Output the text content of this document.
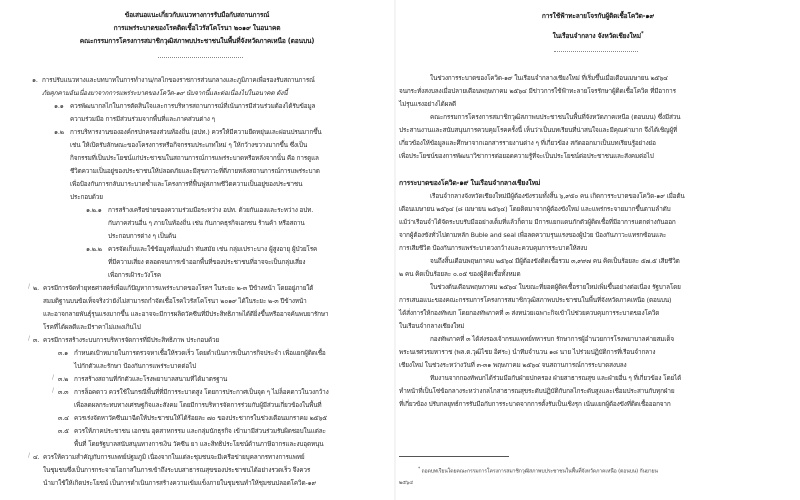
ข้อเสนอแนะเกี่ยวกับแนวทางการรับมือกับสถานการณ์
การแพร่ระบาดของโรคติดเชื้อไวรัสโคโรนา ๒๐๑๙ ในอนาคต
คณะกรรมการโครงการสมาชิกวุฒิสภาพบประชาชนในพื้นที่จังหวัดภาคเหนือ (ตอนบน)
๑. การปรับแนวทางและบทบาทในการทำงาน/กลไกของราชการส่วนกลางและภูมิภาคเพื่อรองรับสถานการณ์
ภัยคุกคามอันเนื่องมาจากการแพร่ระบาดของโควิด-๑๙ นับจากนี้และต่อเนื่องไปในอนาคต ดังนี้
๑.๑ ควรพัฒนากลไกในการตัดสินใจและการบริหารสถานการณ์ที่เน้นการมีส่วนร่วมต้องได้รับข้อมูล
ความร่วมมือ การมีส่วนร่วมจากพื้นที่และภาคส่วนต่าง ๆ
๑.๒ การบริหารงานขององค์กรปกครองส่วนท้องถิ่น (อปท.) ควรให้มีความยืดหยุ่นและผ่อนปรนมากขึ้น
เช่น ให้เปิดรับลักษณะของโครงการหรือกิจกรรมประเภทใหม่ ๆ ให้กว้างขวางมากขึ้น ซึ่งเป็น
กิจกรรมที่เป็นประโยชน์แก่ประชาชนในสถานการณ์การแพร่ระบาดหรือหลังจากนั้น คือ การดูแล
ชีวิตความเป็นอยู่ของประชาชนให้ปลอดภัยและมีสุขภาวะที่ดีภายหลังสถานการณ์การแพร่ระบาด
เพื่อป้องกันการกลับมาระบาดซ้ำและโครงการที่ฟื้นฟูสภาพชีวิตความเป็นอยู่ของประชาชน
ประกอบด้วย
๑.๒.๑ การสร้างเครือข่ายของความร่วมมือระหว่าง อปท. ด้วยกันเองและระหว่าง อปท.
กับภาคส่วนอื่น ๆ ภายในท้องถิ่น เช่น กับภาคธุรกิจเอกชน ร้านค้า หรือสถาน
ประกอบการต่าง ๆ เป็นต้น
๑.๒.๒ ควรจัดเก็บและใช้ข้อมูลที่แม่นยำ ทันสมัย เช่น กลุ่มเปราะบาง ผู้สูงอายุ ผู้ป่วยโรค
ที่มีความเสี่ยง ตลอดจนการเข้าออกพื้นที่ของประชาชนที่อาจจะเป็นกลุ่มเสี่ยง
เพื่อการเฝ้าระวังโรค
/ ๒. ควรมีการจัดทำยุทธศาสตร์เพื่อแก้ปัญหาการแพร่ระบาดของโรคฯ ในระยะ ๒-๓ ปีข้างหน้า โดยอยู่ภายใต้
สมมติฐานบนข้อเท็จจริงว่ายังไม่สามารถกำจัดเชื้อโรคไวรัสโคโรนา ๒๐๑๙ ได้ในระยะ ๒-๓ ปีข้างหน้า
และอาจกลายพันธุ์รุนแรงมากขึ้น และอาจจะมีการผลิตวัคซีนที่มีประสิทธิภาพได้ดียิ่งขึ้นหรืออาจค้นพบยารักษา
โรคที่ได้ผลดีและมีราคาไม่แพงเกินไป
/ ๓. ควรมีการสร้างระบบการบริหารจัดการที่มีประสิทธิภาพ ประกอบด้วย
๓.๑ กำหนดเป้าหมายในการตรวจหาเชื้อให้รวดเร็ว โดยดำเนินการเป็นภารกิจประจำ เพื่อแยกผู้ติดเชื้อ
ไปกักตัวและรักษา ป้องกันการแพร่ระบาดต่อไป
/ ๓.๒ การสร้างสถานที่กักตัวและโรงพยาบาลสนามที่ได้มาตรฐาน
/ ๓.๓ การล็อคดาว ควรใช้ในกรณีพื้นที่ที่มีการระบาดสูง โดยการประกาศเป็นจุด ๆ ไม่ล็อคดาวในวงกว้าง
เพื่อลดผลกระทบทางเศรษฐกิจและสังคม โดยมีการบริหารจัดการร่วมกับผู้มีส่วนเกี่ยวข้องในพื้นที่
๓.๔ ควรเร่งจัดหาวัคซีนมาฉีดให้ประชาชนให้ได้ร้อยละ ๗๐ ของประชากรในช่วงเดือนมกราคม ๒๕๖๕
๓.๕ ควรให้ภาคประชาชน เอกชน อุตสาหกรรม และกลุ่มนักธุรกิจ เข้ามามีส่วนร่วมรับผิดชอบในแต่ละ
พื้นที่ โดยรัฐบาลสนับสนุนทางการเงิน วัคซีน ยา และสิทธิประโยชน์ด้านภาษีอากรและงบอุดหนุน
/ ๔. ควรให้ความสำคัญกับการแพทย์ปฐมภูมิ เนื่องจากในแต่ละชุมชนจะมีเครือข่ายบุคลากรทางการแพทย์
ในชุมชนซึ่งเป็นการกระจายโอกาสในการเข้าถึงระบบสาธารณสุขของประชาชนได้อย่างรวดเร็ว จึงควร
นำมาใช้ให้เกิดประโยชน์ เป็นการดำเนินการสร้างความเข้มแข็งภายในชุมชนทำให้ชุมชนปลอดโควิด-๑๙
การใช้ฟ้าทะลายโจรกับผู้ติดเชื้อโควิด-๑๙
ในเรือนจำกลาง จังหวัดเชียงใหม่*
ในช่วงการระบาดของโควิด-๑๙ ในเรือนจำกลางเชียงใหม่ ที่เริ่มขึ้นเมื่อเดือนเมษายน ๒๕๖๔
จนกระทั่งสงบลงเมื่อปลายเดือนพฤษภาคม ๒๕๖๔ มีข่าวการใช้ฟ้าทะลายโจรรักษาผู้ติดเชื้อโควิด ที่มีอาการ
ไม่รุนแรงอย่างได้ผลดี
คณะกรรมการโครงการสมาชิกวุฒิสภาพบประชาชนในพื้นที่จังหวัดภาคเหนือ (ตอนบน) ซึ่งมีส่วน
ประสานงานและสนับสนุนการควบคุมโรคครั้งนี้ เห็นว่าเป็นบทเรียนที่น่าสนใจและมีคุณค่ามาก จึงได้เชิญผู้ที่
เกี่ยวข้องให้ข้อมูลและศึกษาจากเอกสารรายงานต่าง ๆ ที่เกี่ยวข้อง สกัดออกมาเป็นบทเรียนรู้อย่างย่อ
เพื่อประโยชน์ของการพัฒนาวิชาการต่อยอดความรู้ที่จะเป็นประโยชน์ต่อประชาชนและสังคมต่อไป
การระบาดของโควิด-๑๙ ในเรือนจำกลางเชียงใหม่
เรือนจำกลางจังหวัดเชียงใหม่มีผู้ต้องขังรวมทั้งสิ้น ๖,๙๕๐ คน เกิดการระบาดของโควิด-๑๙ เมื่อต้น
เดือนเมษายน ๒๕๖๔ (๘ เมษายน ๒๕๖๔) โดยติดมาจากผู้ต้องขังใหม่ และแพร่กระจายมากขึ้นตามลำดับ
แม้ว่าเรือนจำได้จัดระบบรับมืออย่างเต็มที่แล้วก็ตาม มีการแยกแดนกักตัวผู้ติดเชื้อที่มีอาการแตกต่างกันออก
จากผู้ต้องขังทั่วไปตามหลัก Buble and seal เพื่อลดความรุนแรงของผู้ป่วย ป้องกันภาวะแทรกซ้อนและ
การเสียชีวิต ป้องกันการแพร่ระบาดวงกว้างและควบคุมการระบาดให้สงบ
จนถึงสิ้นเดือนพฤษภาคม ๒๕๖๔ มีผู้ต้องขังติดเชื้อรวม ๓,๙๙๗ คน คิดเป็นร้อยละ ๕๗.๕ เสียชีวิต
๒ คน คิดเป็นร้อยละ ๐.๐๕ ของผู้ติดเชื้อทั้งหมด
ในช่วงต้นเดือนพฤษภาคม ๒๕๖๔ ในขณะที่ยอดผู้ติดเชื้อรายใหม่เพิ่มขึ้นอย่างต่อเนื่อง รัฐบาลโดย
การเสนอแนะของคณะกรรมการโครงการสมาชิกวุฒิสภาพบประชาชนในพื้นที่จังหวัดภาคเหนือ (ตอนบน)
ได้สั่งการให้กองทัพบก โดยกองทัพภาคที่ ๓ ส่งหน่วยเฉพาะกิจเข้าไปช่วยควบคุมการระบาดของโควิด
ในเรือนจำกลางเชียงใหม่
กองทัพภาคที่ ๓ ได้ส่งรองเจ้ากรมแพทย์ทหารบก รักษาการผู้อำนวยการโรงพยาบาลค่ายสมเด็จ
พระนเรศวรมหาราช (พล.ต.วุฒิไชย อิศระ) นำทีมจำนวน ๑๘ นาย ไปร่วมปฏิบัติการที่เรือนจำกลาง
เชียงใหม่ ในช่วงระหว่างวันที่ ๓-๓๑ พฤษภาคม ๒๕๖๔ จนสถานการณ์การระบาดสงบลง
ทีมงานจากกองทัพบกได้ร่วมมือกับฝ่ายปกครอง ฝ่ายสาธารณสุข และฝ่ายอื่น ๆ ที่เกี่ยวข้อง โดยได้
ทำหน้าที่เป็นโซ่ข้อกลางระหว่างกลไกสาธารณสุขระดับปฏิบัติกับกลไกระดับสูงและเชื่อมประสานกับทุกฝ่าย
ที่เกี่ยวข้อง ปรับกลยุทธ์การรับมือกับการระบาดจากการตั้งรับเป็นเชิงรุก เน้นแยกผู้ต้องขังที่ติดเชื้อออกจาก
* ถอดบทเรียนโดยคณะกรรมการโครงการสมาชิกวุฒิสภาพบประชาชนในพื้นที่จังหวัดภาคเหนือ (ตอนบน) กันยายน
๒๕๖๔
